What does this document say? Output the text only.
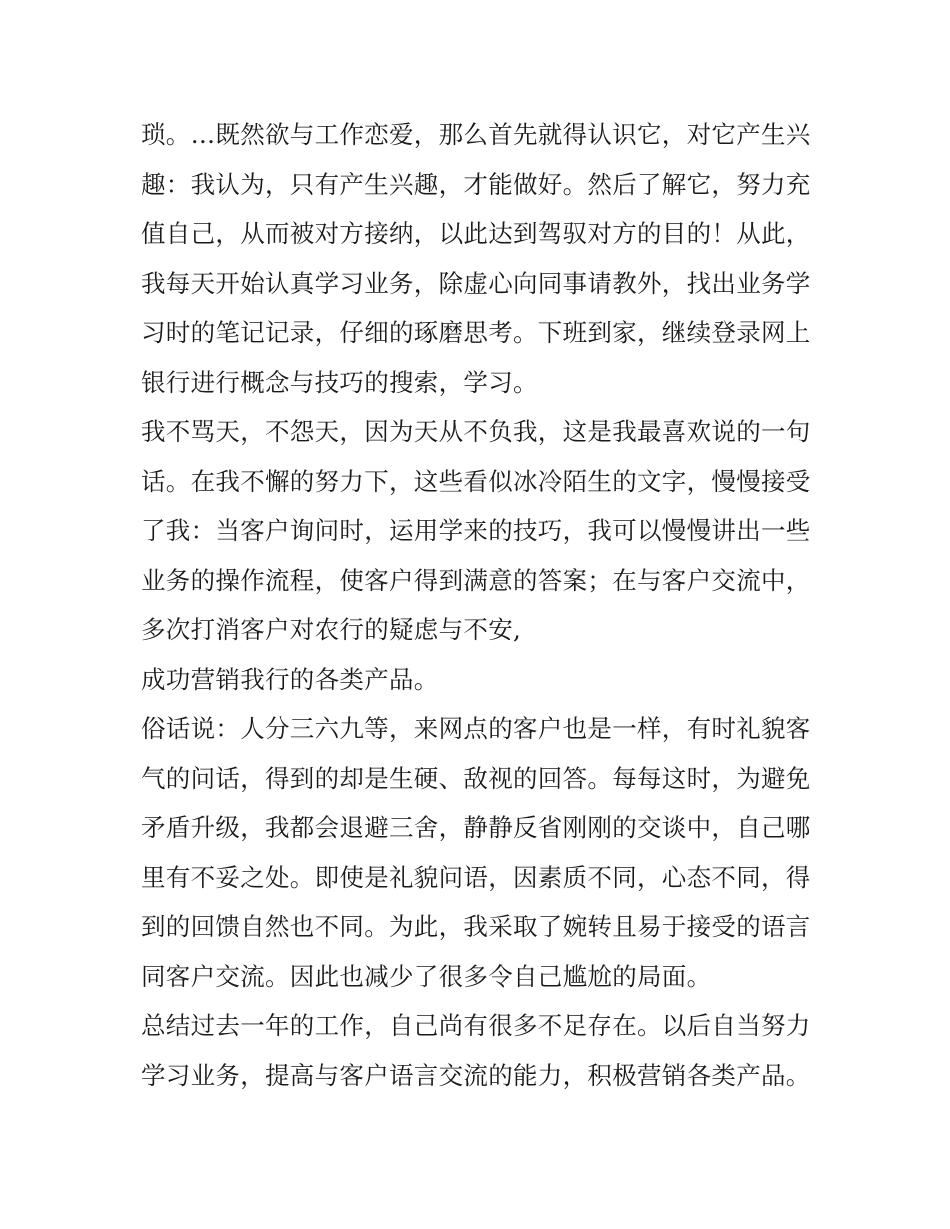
琐。…既然欲与工作恋爱，那么首先就得认识它，对它产生兴
趣：我认为，只有产生兴趣，才能做好。然后了解它，努力充
值自己，从而被对方接纳，以此达到驾驭对方的目的！从此，
我每天开始认真学习业务，除虚心向同事请教外，找出业务学
习时的笔记记录，仔细的琢磨思考。下班到家，继续登录网上
银行进行概念与技巧的搜索，学习。
我不骂天，不怨天，因为天从不负我，这是我最喜欢说的一句
话。在我不懈的努力下，这些看似冰冷陌生的文字，慢慢接受
了我：当客户询问时，运用学来的技巧，我可以慢慢讲出一些
业务的操作流程，使客户得到满意的答案；在与客户交流中，
多次打消客户对农行的疑虑与不安,
成功营销我行的各类产品。
俗话说：人分三六九等，来网点的客户也是一样，有时礼貌客
气的问话，得到的却是生硬、敌视的回答。每每这时，为避免
矛盾升级，我都会退避三舍，静静反省刚刚的交谈中，自己哪
里有不妥之处。即使是礼貌问语，因素质不同，心态不同，得
到的回馈自然也不同。为此，我采取了婉转且易于接受的语言
同客户交流。因此也减少了很多令自己尴尬的局面。
总结过去一年的工作，自己尚有很多不足存在。以后自当努力
学习业务，提高与客户语言交流的能力，积极营销各类产品。
